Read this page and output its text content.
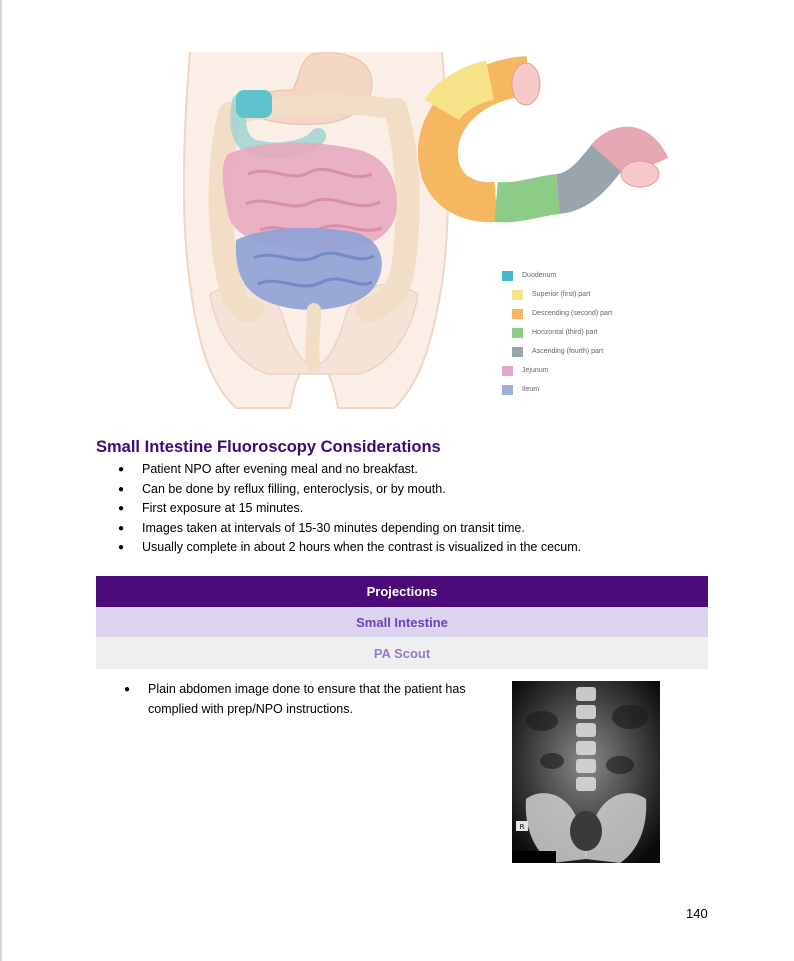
Duodenum
Superior (first) part
Descending (second) part
Horizontal (third) part
Ascending (fourth) part
Jejunum
Ileum
Small Intestine Fluoroscopy Considerations
● Patient NPO after evening meal and no breakfast.
● Can be done by reflux filling, enteroclysis, or by mouth.
● First exposure at 15 minutes.
● Images taken at intervals of 15-30 minutes depending on transit time.
● Usually complete in about 2 hours when the contrast is visualized in the cecum.
Projections
Small Intestine
PA Scout
● Plain abdomen image done to ensure that the patient has complied with prep/NPO instructions.
R
140
